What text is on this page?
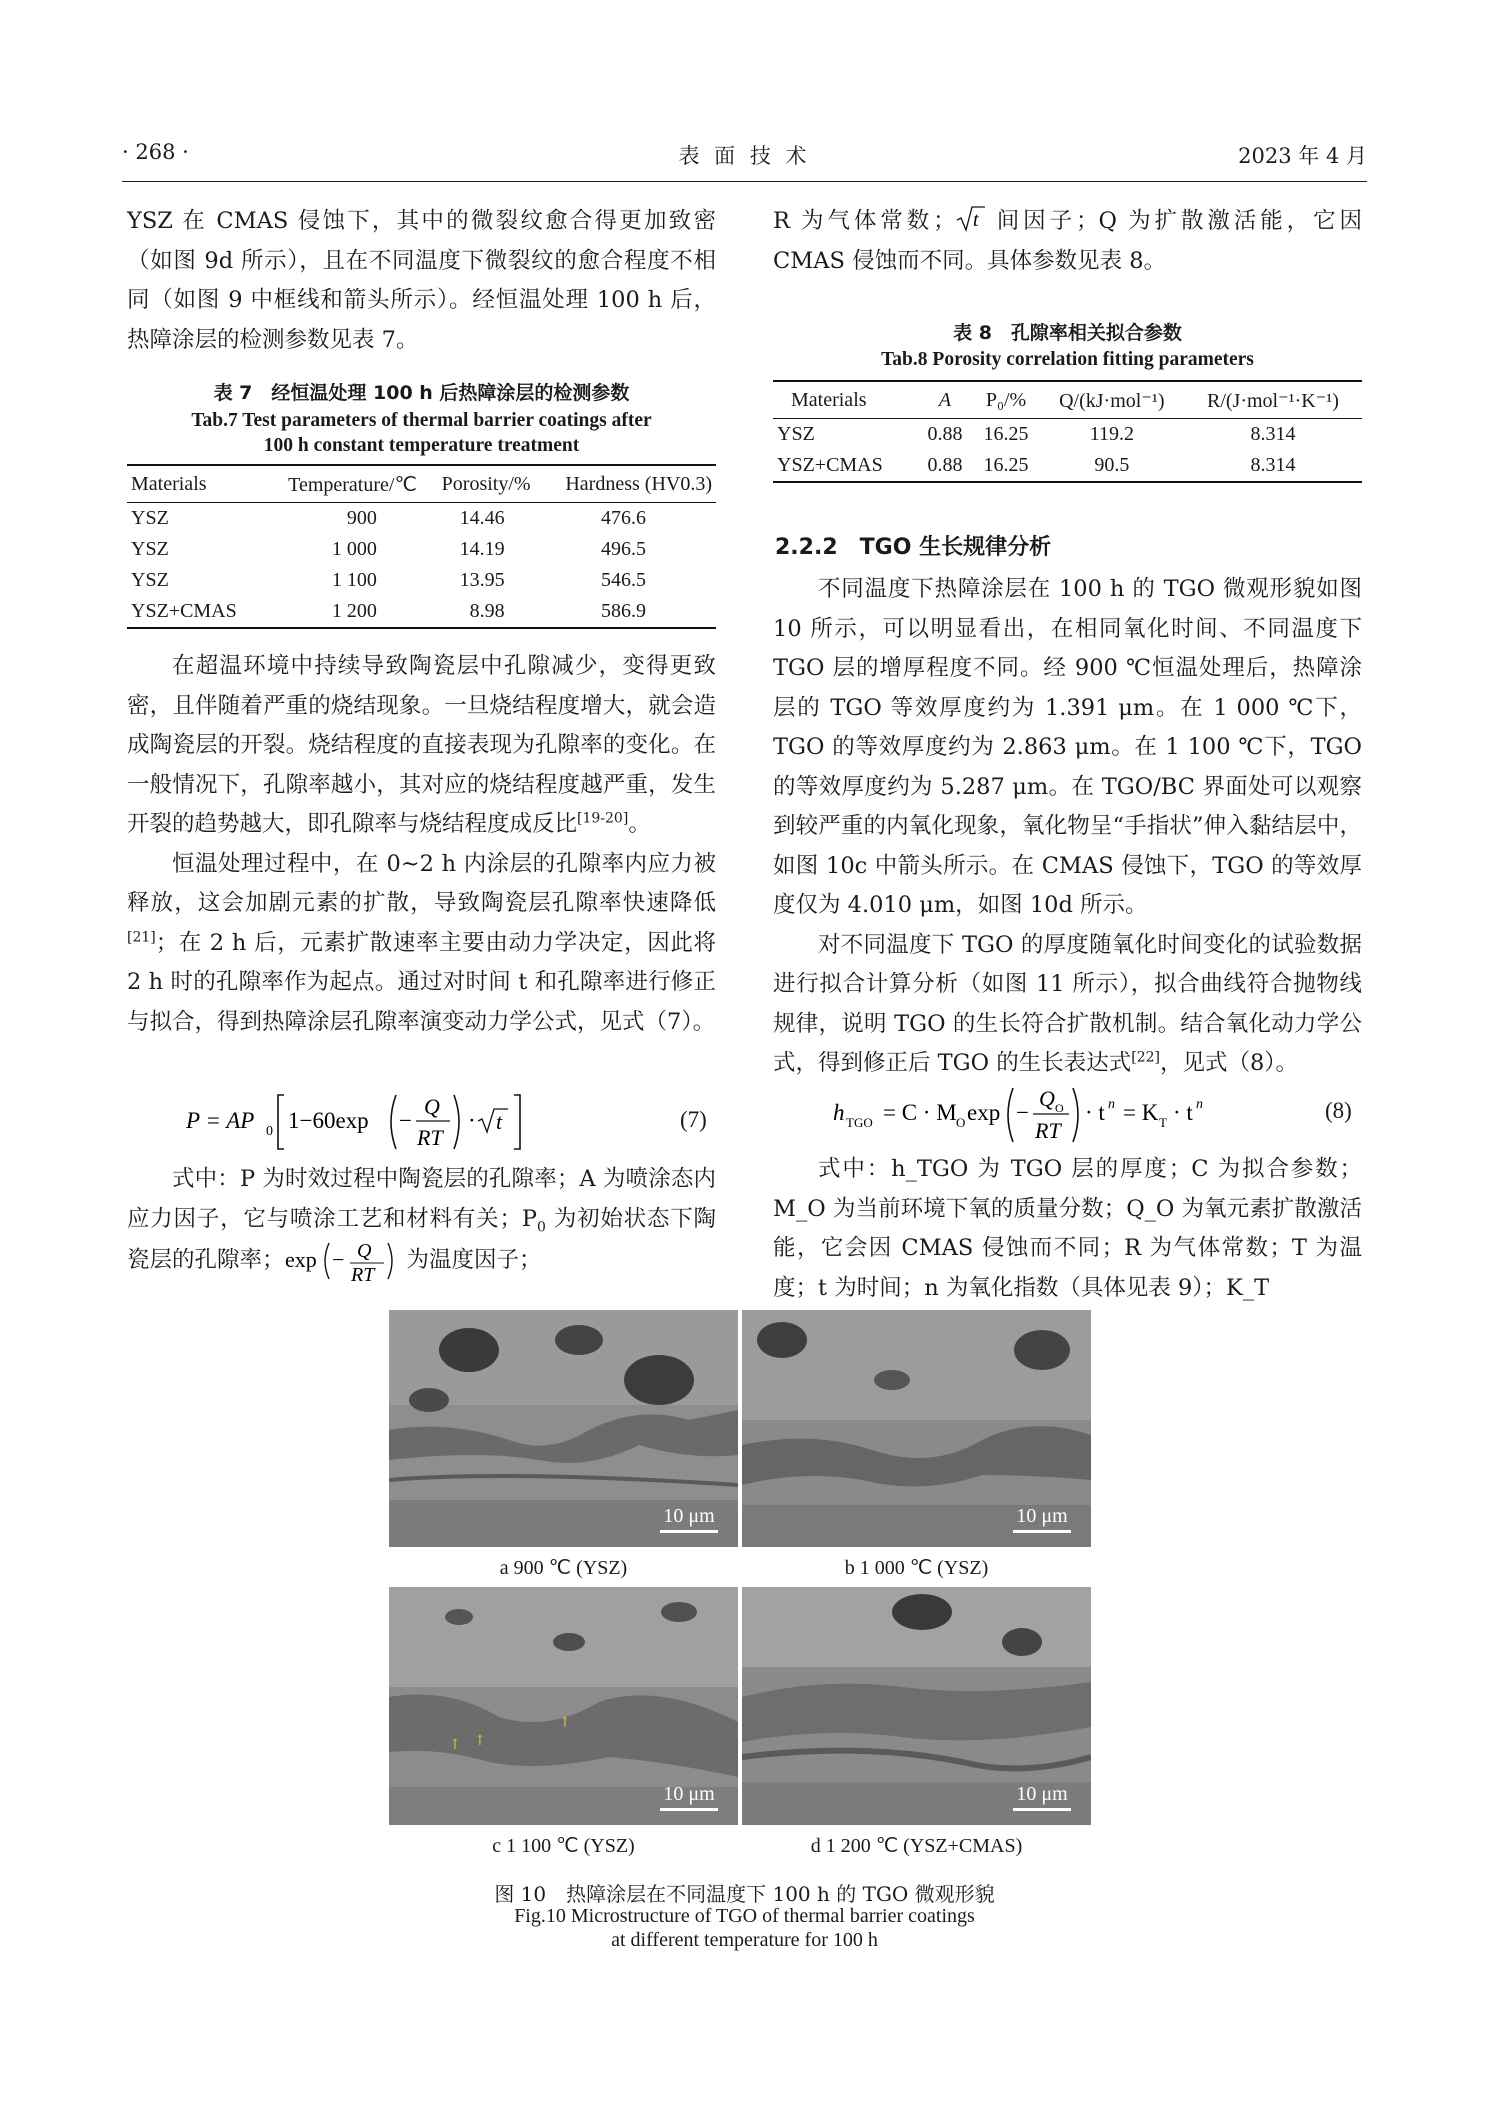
· 268 ·	表 面 技 术	2023 年 4 月

YSZ 在 CMAS 侵蚀下，其中的微裂纹愈合得更加致密（如图 9d 所示），且在不同温度下微裂纹的愈合程度不相同（如图 9 中框线和箭头所示）。经恒温处理 100 h 后，热障涂层的检测参数见表 7。

表 7　经恒温处理 100 h 后热障涂层的检测参数
Tab.7 Test parameters of thermal barrier coatings after
100 h constant temperature treatment
Materials	Temperature/℃	Porosity/%	Hardness (HV0.3)
YSZ	900	14.46	476.6
YSZ	1 000	14.19	496.5
YSZ	1 100	13.95	546.5
YSZ+CMAS	1 200	8.98	586.9

在超温环境中持续导致陶瓷层中孔隙减少，变得更致密，且伴随着严重的烧结现象。一旦烧结程度增大，就会造成陶瓷层的开裂。烧结程度的直接表现为孔隙率的变化。在一般情况下，孔隙率越小，其对应的烧结程度越严重，发生开裂的趋势越大，即孔隙率与烧结程度成反比[19-20]。

恒温处理过程中，在 0~2 h 内涂层的孔隙率内应力被释放，这会加剧元素的扩散，导致陶瓷层孔隙率快速降低[21]；在 2 h 后，元素扩散速率主要由动力学决定，因此将 2 h 时的孔隙率作为起点。通过对时间 t 和孔隙率进行修正与拟合，得到热障涂层孔隙率演变动力学公式，见式（7）。

P = AP 0 1−60exp −
Q
RT
· t	(7)

式中：P 为时效过程中陶瓷层的孔隙率；A 为喷涂态内应力因子，它与喷涂工艺和材料有关；$P_0$ 为初始状态下陶瓷层的孔隙率； exp − Q
RT
为温度因子；

R 为气体常数； t 间因子；Q 为扩散激活能，它因 CMAS 侵蚀而不同。具体参数见表 8。

表 8　孔隙率相关拟合参数
Tab.8 Porosity correlation fitting parameters
Materials	A	P₀/%	Q/(kJ·mol⁻¹)	R/(J·mol⁻¹·K⁻¹)
YSZ	0.88	16.25	119.2	8.314
YSZ+CMAS	0.88	16.25	90.5	8.314
2.2.2　TGO 生长规律分析

不同温度下热障涂层在 100 h 的 TGO 微观形貌如图 10 所示，可以明显看出，在相同氧化时间、不同温度下 TGO 层的增厚程度不同。经 900 ℃恒温处理后，热障涂层的 TGO 等效厚度约为 1.391 μm。在 1 000 ℃下，TGO 的等效厚度约为 2.863 μm。在 1 100 ℃下，TGO 的等效厚度约为 5.287 μm。在 TGO/BC 界面处可以观察到较严重的内氧化现象，氧化物呈“手指状”伸入黏结层中，如图 10c 中箭头所示。在 CMAS 侵蚀下，TGO 的等效厚度仅为 4.010 μm，如图 10d 所示。

对不同温度下 TGO 的厚度随氧化时间变化的试验数据进行拟合计算分析（如图 11 所示），拟合曲线符合抛物线规律，说明 TGO 的生长符合扩散机制。结合氧化动力学公式，得到修正后 TGO 的生长表达式[22]，见式（8）。

h TGO = C · M O exp −
Q O
RT
· t n = K T · t n	(8)

式中：h_TGO 为 TGO 层的厚度；C 为拟合参数；M_O 为当前环境下氧的质量分数；Q_O 为氧元素扩散激活能，它会因 CMAS 侵蚀而不同；R 为气体常数；T 为温度；t 为时间；n 为氧化指数（具体见表 9）；K_T

10 μm	10 μm
a 900 ℃ (YSZ)	b 1 000 ℃ (YSZ)
↑ ↑
↑
10 μm	10 μm
c 1 100 ℃ (YSZ)	d 1 200 ℃ (YSZ+CMAS)
图 10　热障涂层在不同温度下 100 h 的 TGO 微观形貌
Fig.10 Microstructure of TGO of thermal barrier coatings
at different temperature for 100 h
